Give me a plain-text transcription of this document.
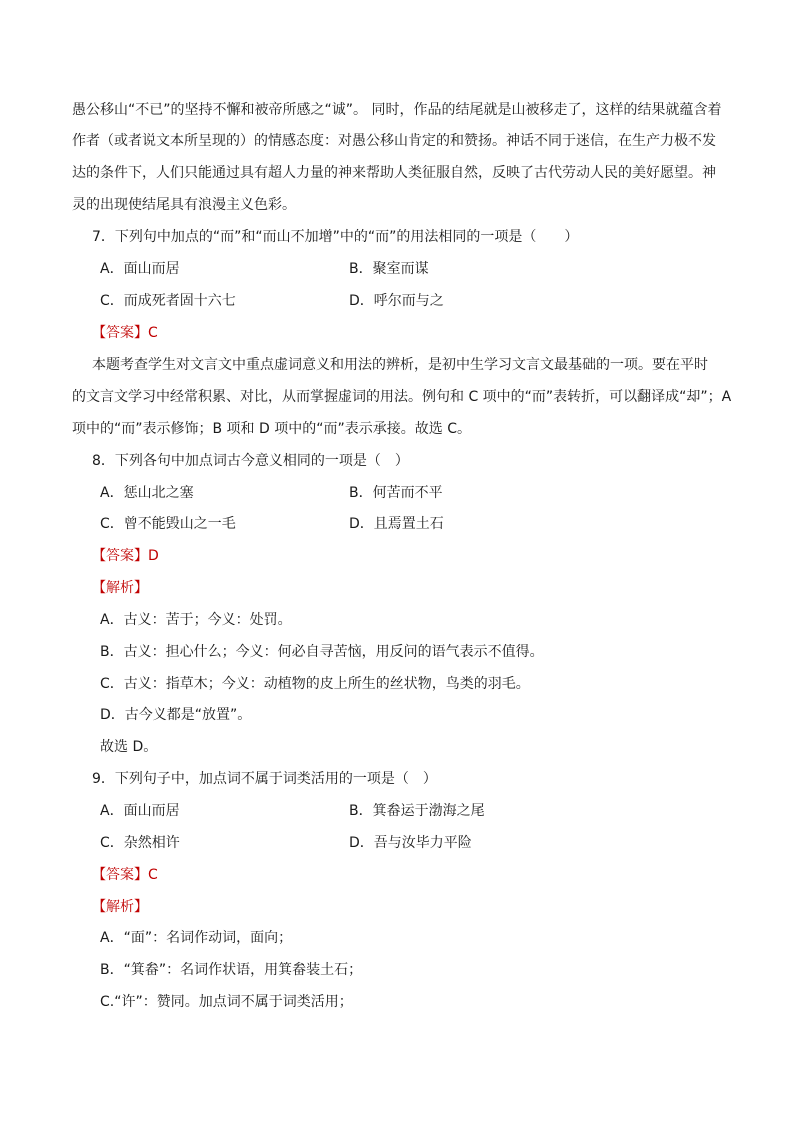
愚公移山“不已”的坚持不懈和被帝所感之“诚”。 同时，作品的结尾就是山被移走了，这样的结果就蕴含着
作者（或者说文本所呈现的）的情感态度：对愚公移山肯定的和赞扬。神话不同于迷信，在生产力极不发
达的条件下，人们只能通过具有超人力量的神来帮助人类征服自然，反映了古代劳动人民的美好愿望。神
灵的出现使结尾具有浪漫主义色彩。
7．下列句中加点的“而”和“而山不加增”中的“而”的用法相同的一项是（　　）
A．面山而居	B．聚室而谋
C．而成死者固十六七	D．呼尔而与之
【答案】C
本题考查学生对文言文中重点虚词意义和用法的辨析，是初中生学习文言文最基础的一项。要在平时
的文言文学习中经常积累、对比，从而掌握虚词的用法。例句和 C 项中的“而”表转折，可以翻译成“却”；A
项中的“而”表示修饰；B 项和 D 项中的“而”表示承接。故选 C。
8．下列各句中加点词古今意义相同的一项是（　）
A．惩山北之塞	B．何苦而不平
C．曾不能毁山之一毛	D．且焉置土石
【答案】D
【解析】
A．古义：苦于；今义：处罚。
B．古义：担心什么；今义：何必自寻苦恼，用反问的语气表示不值得。
C．古义：指草木；今义：动植物的皮上所生的丝状物，鸟类的羽毛。
D．古今义都是“放置”。
故选 D。
9．下列句子中，加点词不属于词类活用的一项是（　）
A．面山而居	B．箕畚运于渤海之尾
C．杂然相许	D．吾与汝毕力平险
【答案】C
【解析】
A．“面”：名词作动词，面向；
B．“箕畚”：名词作状语，用箕畚装土石；
C.“许”：赞同。加点词不属于词类活用；
